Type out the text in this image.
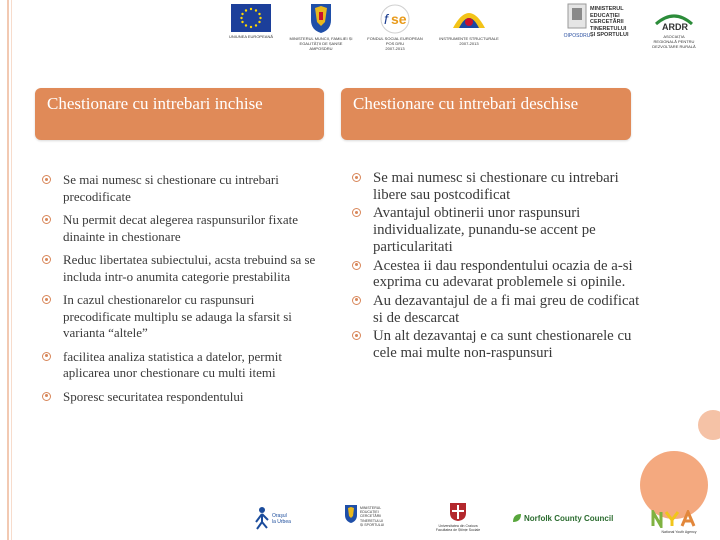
UNIUNEA EUROPEANĂ	MINISTERUL MUNCII, FAMILIEI ȘI
EGALITĂȚII DE ȘANSE
AMPOSDRU
f se
FONDUL SOCIAL EUROPEAN
POS DRU
2007-2013
INSTRUMENTE STRUCTURALE
2007-2013
OIPOSDRU
MINISTERUL
EDUCAȚIEI
CERCETĂRII
TINERETULUI
ȘI SPORTULUI
ARDR
ASOCIAȚIA
REGIONALĂ PENTRU
DEZVOLTARE RURALĂ
Chestionare cu intrebari inchise	Chestionare cu intrebari deschise
Se mai numesc si chestionare cu intrebari precodificate
Nu permit decat alegerea raspunsurilor fixate dinainte in chestionare
Reduc libertatea subiectului, acsta trebuind sa se includa intr-o anumita categorie prestabilita
In cazul chestionarelor cu raspunsuri precodificate multiplu se adauga la sfarsit si varianta “altele”
facilitea analiza statistica a datelor, permit aplicarea unor chestionare cu multi itemi
Sporesc securitatea respondentului
Se mai numesc si chestionare cu intrebari libere sau postcodificat
Avantajul obtinerii unor raspunsuri individualizate, punandu-se accent pe particularitati
Acestea ii dau respondentului ocazia de a-si exprima cu adevarat problemele si opinile.
Au dezavantajul de a fi mai greu de codificat si de descarcat
Un alt dezavantaj e ca sunt chestionarele cu cele mai multe non-raspunsuri
Oraşul
la Urbea
MINISTERUL
EDUCAȚIEI
CERCETĂRII
TINERETULUI
ȘI SPORTULUI	Universitatea din Craiova
Facultatea de Științe Sociale
Norfolk County Council
National Youth Agency
